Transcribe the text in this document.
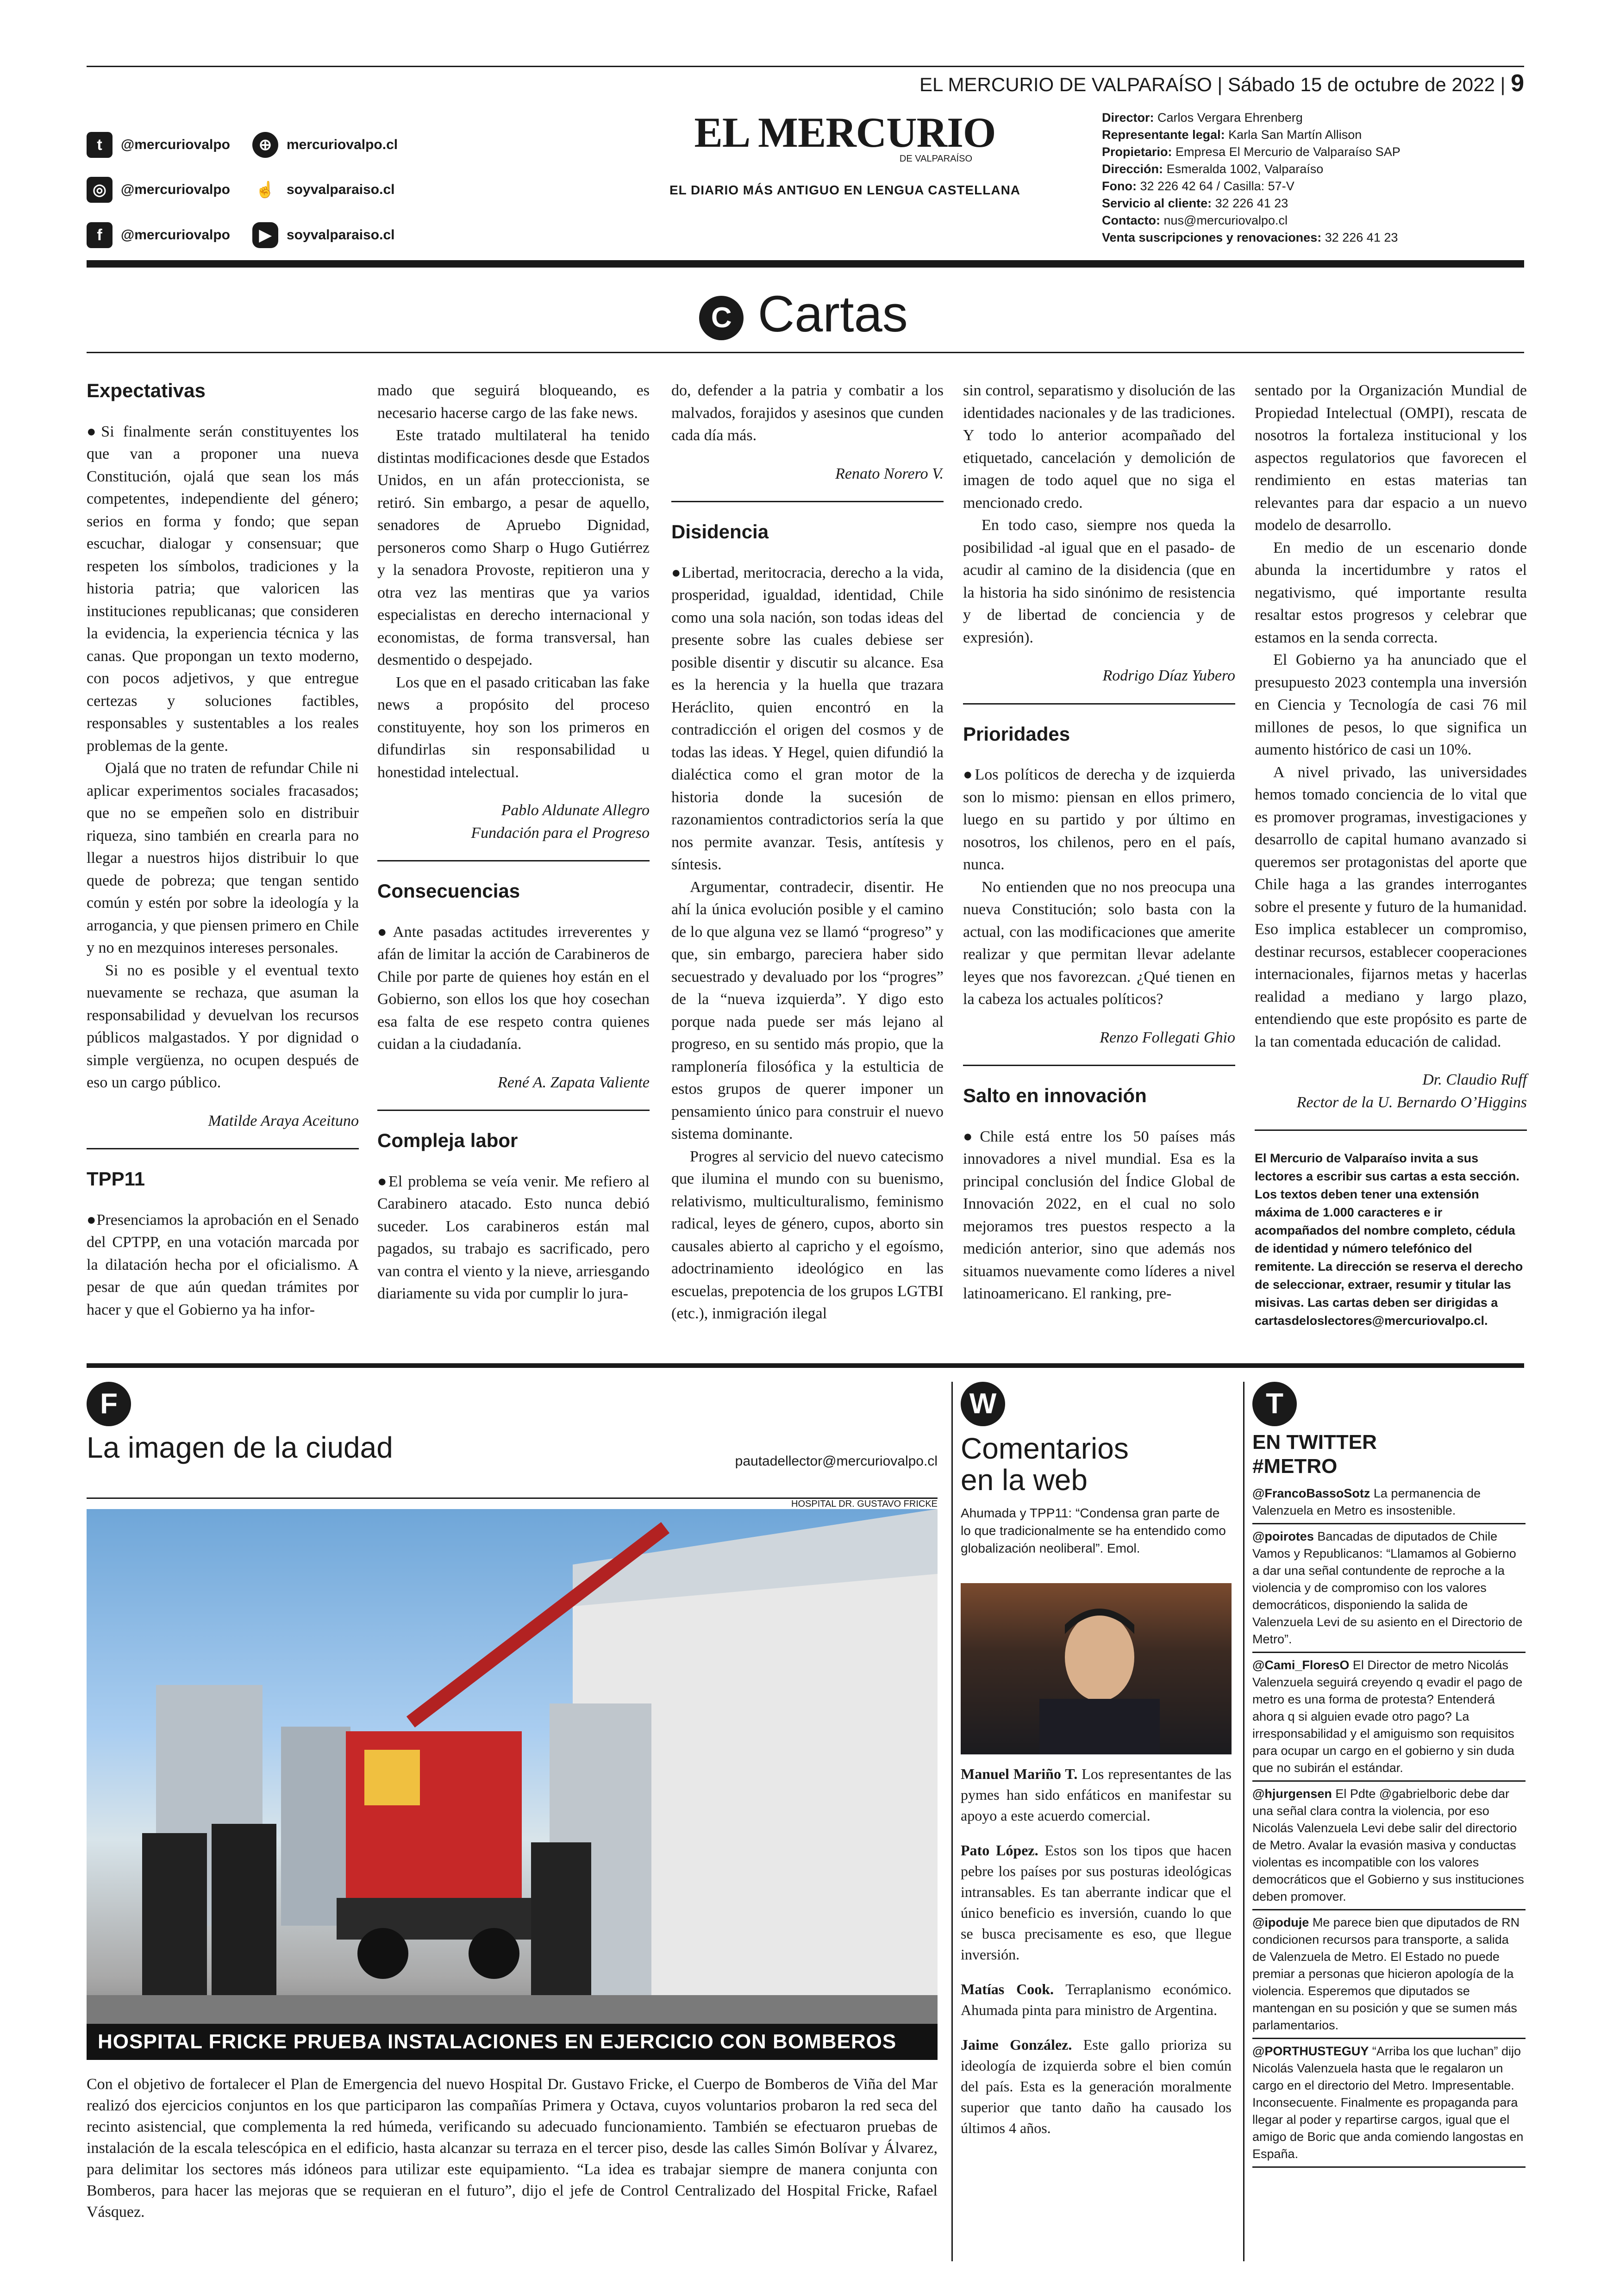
EL MERCURIO DE VALPARAÍSO | Sábado 15 de octubre de 2022 | 9
t	@mercuriovalpo	⊕	mercuriovalpo.cl
◎	@mercuriovalpo ☝ soyvalparaiso.cl
f	@mercuriovalpo	▶	soyvalparaiso.cl
EL MERCURIO
DE VALPARAÍSO
EL DIARIO MÁS ANTIGUO EN LENGUA CASTELLANA
Director: Carlos Vergara Ehrenberg
Representante legal: Karla San Martín Allison
Propietario: Empresa El Mercurio de Valparaíso SAP
Dirección: Esmeralda 1002, Valparaíso
Fono: 32 226 42 64 / Casilla: 57-V
Servicio al cliente: 32 226 41 23
Contacto: nus@mercuriovalpo.cl
Venta suscripciones y renovaciones: 32 226 41 23
C Cartas
Expectativas

●Si finalmente serán constituyentes los que van a proponer una nueva Constitución, ojalá que sean los más competentes, independiente del género; serios en forma y fondo; que sepan escuchar, dialogar y consensuar; que respeten los símbolos, tradiciones y la historia patria; que valoricen las instituciones republicanas; que consideren la evidencia, la experiencia técnica y las canas. Que propongan un texto moderno, con pocos adjetivos, y que entregue certezas y soluciones factibles, responsables y sustentables a los reales problemas de la gente.

Ojalá que no traten de refundar Chile ni aplicar experimentos sociales fracasados; que no se empeñen solo en distribuir riqueza, sino también en crearla para no llegar a nuestros hijos distribuir lo que quede de pobreza; que tengan sentido común y estén por sobre la ideología y la arrogancia, y que piensen primero en Chile y no en mezquinos intereses personales.

Si no es posible y el eventual texto nuevamente se rechaza, que asuman la responsabilidad y devuelvan los recursos públicos malgastados. Y por dignidad o simple vergüenza, no ocupen después de eso un cargo público.

Matilde Araya Aceituno
TPP11

●Presenciamos la aprobación en el Senado del CPTPP, en una votación marcada por la dilatación hecha por el oficialismo. A pesar de que aún quedan trámites por hacer y que el Gobierno ya ha infor-

mado que seguirá bloqueando, es necesario hacerse cargo de las fake news.

Este tratado multilateral ha tenido distintas modificaciones desde que Estados Unidos, en un afán proteccionista, se retiró. Sin embargo, a pesar de aquello, senadores de Apruebo Dignidad, personeros como Sharp o Hugo Gutiérrez y la senadora Provoste, repitieron una y otra vez las mentiras que ya varios especialistas en derecho internacional y economistas, de forma transversal, han desmentido o despejado.

Los que en el pasado criticaban las fake news a propósito del proceso constituyente, hoy son los primeros en difundirlas sin responsabilidad u honestidad intelectual.

Pablo Aldunate Allegro
Fundación para el Progreso
Consecuencias

●Ante pasadas actitudes irreverentes y afán de limitar la acción de Carabineros de Chile por parte de quienes hoy están en el Gobierno, son ellos los que hoy cosechan esa falta de ese respeto contra quienes cuidan a la ciudadanía.

René A. Zapata Valiente
Compleja labor

●El problema se veía venir. Me refiero al Carabinero atacado. Esto nunca debió suceder. Los carabineros están mal pagados, su trabajo es sacrificado, pero van contra el viento y la nieve, arriesgando diariamente su vida por cumplir lo jura-

do, defender a la patria y combatir a los malvados, forajidos y asesinos que cunden cada día más.

Renato Norero V.
Disidencia

●Libertad, meritocracia, derecho a la vida, prosperidad, igualdad, identidad, Chile como una sola nación, son todas ideas del presente sobre las cuales debiese ser posible disentir y discutir su alcance. Esa es la herencia y la huella que trazara Heráclito, quien encontró en la contradicción el origen del cosmos y de todas las ideas. Y Hegel, quien difundió la dialéctica como el gran motor de la historia donde la sucesión de razonamientos contradictorios sería la que nos permite avanzar. Tesis, antítesis y síntesis.

Argumentar, contradecir, disentir. He ahí la única evolución posible y el camino de lo que alguna vez se llamó “progreso” y que, sin embargo, pareciera haber sido secuestrado y devaluado por los “progres” de la “nueva izquierda”. Y digo esto porque nada puede ser más lejano al progreso, en su sentido más propio, que la ramplonería filosófica y la estulticia de estos grupos de querer imponer un pensamiento único para construir el nuevo sistema dominante.

Progres al servicio del nuevo catecismo que ilumina el mundo con su buenismo, relativismo, multiculturalismo, feminismo radical, leyes de género, cupos, aborto sin causales abierto al capricho y el egoísmo, adoctrinamiento ideológico en las escuelas, prepotencia de los grupos LGTBI (etc.), inmigración ilegal

sin control, separatismo y disolución de las identidades nacionales y de las tradiciones. Y todo lo anterior acompañado del etiquetado, cancelación y demolición de imagen de todo aquel que no siga el mencionado credo.

En todo caso, siempre nos queda la posibilidad -al igual que en el pasado- de acudir al camino de la disidencia (que en la historia ha sido sinónimo de resistencia y de libertad de conciencia y de expresión).

Rodrigo Díaz Yubero
Prioridades

●Los políticos de derecha y de izquierda son lo mismo: piensan en ellos primero, luego en su partido y por último en nosotros, los chilenos, pero en el país, nunca.

No entienden que no nos preocupa una nueva Constitución; solo basta con la actual, con las modificaciones que amerite realizar y que permitan llevar adelante leyes que nos favorezcan. ¿Qué tienen en la cabeza los actuales políticos?

Renzo Follegati Ghio
Salto en innovación

●Chile está entre los 50 países más innovadores a nivel mundial. Esa es la principal conclusión del Índice Global de Innovación 2022, en el cual no solo mejoramos tres puestos respecto a la medición anterior, sino que además nos situamos nuevamente como líderes a nivel latinoamericano. El ranking, pre-

sentado por la Organización Mundial de Propiedad Intelectual (OMPI), rescata de nosotros la fortaleza institucional y los aspectos regulatorios que favorecen el rendimiento en estas materias tan relevantes para dar espacio a un nuevo modelo de desarrollo.

En medio de un escenario donde abunda la incertidumbre y ratos el negativismo, qué importante resulta resaltar estos progresos y celebrar que estamos en la senda correcta.

El Gobierno ya ha anunciado que el presupuesto 2023 contempla una inversión en Ciencia y Tecnología de casi 76 mil millones de pesos, lo que significa un aumento histórico de casi un 10%.

A nivel privado, las universidades hemos tomado conciencia de lo vital que es promover programas, investigaciones y desarrollo de capital humano avanzado si queremos ser protagonistas del aporte que Chile haga a las grandes interrogantes sobre el presente y futuro de la humanidad. Eso implica establecer un compromiso, destinar recursos, establecer cooperaciones internacionales, fijarnos metas y hacerlas realidad a mediano y largo plazo, entendiendo que este propósito es parte de la tan comentada educación de calidad.

Dr. Claudio Ruff
Rector de la U. Bernardo O’Higgins
El Mercurio de Valparaíso invita a sus lectores a escribir sus cartas a esta sección. Los textos deben tener una extensión máxima de 1.000 caracteres e ir acompañados del nombre completo, cédula de identidad y número telefónico del remitente. La dirección se reserva el derecho de seleccionar, extraer, resumir y titular las misivas. Las cartas deben ser dirigidas a cartasdeloslectores@mercuriovalpo.cl.
F
La imagen de la ciudad	pautadellector@mercuriovalpo.cl
HOSPITAL DR. GUSTAVO FRICKE
HOSPITAL FRICKE PRUEBA INSTALACIONES EN EJERCICIO CON BOMBEROS
Con el objetivo de fortalecer el Plan de Emergencia del nuevo Hospital Dr. Gustavo Fricke, el Cuerpo de Bomberos de Viña del Mar realizó dos ejercicios conjuntos en los que participaron las compañías Primera y Octava, cuyos voluntarios probaron la red seca del recinto asistencial, que complementa la red húmeda, verificando su adecuado funcionamiento. También se efectuaron pruebas de instalación de la escala telescópica en el edificio, hasta alcanzar su terraza en el tercer piso, desde las calles Simón Bolívar y Álvarez, para delimitar los sectores más idóneos para utilizar este equipamiento. “La idea es trabajar siempre de manera conjunta con Bomberos, para hacer las mejoras que se requieran en el futuro”, dijo el jefe de Control Centralizado del Hospital Fricke, Rafael Vásquez.
W
Comentarios
en la web
Ahumada y TPP11: “Condensa gran parte de lo que tradicionalmente se ha entendido como globalización neoliberal”. Emol.

Manuel Mariño T. Los representantes de las pymes han sido enfáticos en manifestar su apoyo a este acuerdo comercial.

Pato López. Estos son los tipos que hacen pebre los países por sus posturas ideológicas intransables. Es tan aberrante indicar que el único beneficio es inversión, cuando lo que se busca precisamente es eso, que llegue inversión.

Matías Cook. Terraplanismo económico. Ahumada pinta para ministro de Argentina.

Jaime González. Este gallo prioriza su ideología de izquierda sobre el bien común del país. Esta es la generación moralmente superior que tanto daño ha causado los últimos 4 años.

T
EN TWITTER
#METRO
@FrancoBassoSotz La permanencia de Valenzuela en Metro es insostenible.
@poirotes Bancadas de diputados de Chile Vamos y Republicanos: “Llamamos al Gobierno a dar una señal contundente de reproche a la violencia y de compromiso con los valores democráticos, disponiendo la salida de Valenzuela Levi de su asiento en el Directorio de Metro”.
@Cami_FloresO El Director de metro Nicolás Valenzuela seguirá creyendo q evadir el pago de metro es una forma de protesta? Entenderá ahora q si alguien evade otro pago? La irresponsabilidad y el amiguismo son requisitos para ocupar un cargo en el gobierno y sin duda que no subirán el estándar.
@hjurgensen El Pdte @gabrielboric debe dar una señal clara contra la violencia, por eso Nicolás Valenzuela Levi debe salir del directorio de Metro. Avalar la evasión masiva y conductas violentas es incompatible con los valores democráticos que el Gobierno y sus instituciones deben promover.
@ipoduje Me parece bien que diputados de RN condicionen recursos para transporte, a salida de Valenzuela de Metro. El Estado no puede premiar a personas que hicieron apología de la violencia. Esperemos que diputados se mantengan en su posición y que se sumen más parlamentarios.
@PORTHUSTEGUY “Arriba los que luchan” dijo Nicolás Valenzuela hasta que le regalaron un cargo en el directorio del Metro. Impresentable. Inconsecuente. Finalmente es propaganda para llegar al poder y repartirse cargos, igual que el amigo de Boric que anda comiendo langostas en España.
